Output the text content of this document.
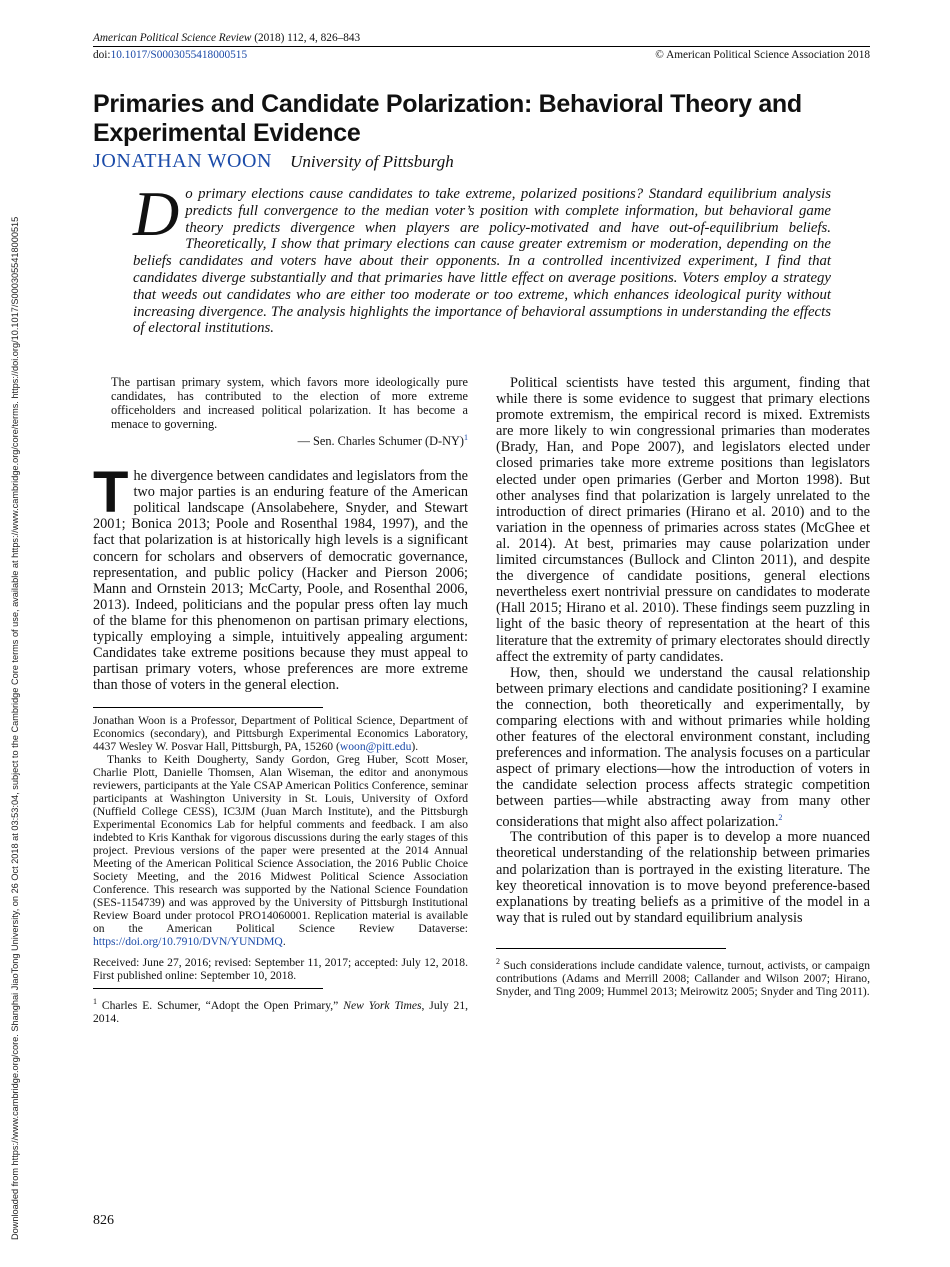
Downloaded from https://www.cambridge.org/core. Shanghai JiaoTong University, on 26 Oct 2018 at 03:53:04, subject to the Cambridge Core terms of use, available at https://www.cambridge.org/core/terms. https://doi.org/10.1017/S0003055418000515
American Political Science Review (2018) 112, 4, 826–843
doi:10.1017/S0003055418000515	© American Political Science Association 2018
Primaries and Candidate Polarization: Behavioral Theory and Experimental Evidence
JONATHAN WOON University of Pittsburgh
Do primary elections cause candidates to take extreme, polarized positions? Standard equilibrium analysis predicts full convergence to the median voter’s position with complete information, but behavioral game theory predicts divergence when players are policy-motivated and have out-of-equilibrium beliefs. Theoretically, I show that primary elections can cause greater extremism or moderation, depending on the beliefs candidates and voters have about their opponents. In a controlled incentivized experiment, I find that candidates diverge substantially and that primaries have little effect on average positions. Voters employ a strategy that weeds out candidates who are either too moderate or too extreme, which enhances ideological purity without increasing divergence. The analysis highlights the importance of behavioral assumptions in understanding the effects of electoral institutions.
The partisan primary system, which favors more ideologically pure candidates, has contributed to the election of more extreme officeholders and increased political polarization. It has become a menace to governing.
— Sen. Charles Schumer $(D-NY)^1$

The divergence between candidates and legislators from the two major parties is an enduring feature of the American political landscape (Ansolabehere, Snyder, and Stewart 2001; Bonica 2013; Poole and Rosenthal 1984, 1997), and the fact that polarization is at historically high levels is a significant concern for scholars and observers of democratic governance, representation, and public policy (Hacker and Pierson 2006; Mann and Ornstein 2013; McCarty, Poole, and Rosenthal 2006, 2013). Indeed, politicians and the popular press often lay much of the blame for this phenomenon on partisan primary elections, typically employing a simple, intuitively appealing argument: Candidates take extreme positions because they must appeal to partisan primary voters, whose preferences are more extreme than those of voters in the general election.

Jonathan Woon is a Professor, Department of Political Science, Department of Economics (secondary), and Pittsburgh Experimental Economics Laboratory, 4437 Wesley W. Posvar Hall, Pittsburgh, PA, 15260 (woon@pitt.edu).

Thanks to Keith Dougherty, Sandy Gordon, Greg Huber, Scott Moser, Charlie Plott, Danielle Thomsen, Alan Wiseman, the editor and anonymous reviewers, participants at the Yale CSAP American Politics Conference, seminar participants at Washington University in St. Louis, University of Oxford (Nuffield College CESS), IC3JM (Juan March Institute), and the Pittsburgh Experimental Economics Lab for helpful comments and feedback. I am also indebted to Kris Kanthak for vigorous discussions during the early stages of this project. Previous versions of the paper were presented at the 2014 Annual Meeting of the American Political Science Association, the 2016 Public Choice Society Meeting, and the 2016 Midwest Political Science Association Conference. This research was supported by the National Science Foundation (SES-1154739) and was approved by the University of Pittsburgh Institutional Review Board under protocol PRO14060001. Replication material is available on the American Political Science Review Dataverse: https://doi.org/10.7910/DVN/YUNDMQ.

Received: June 27, 2016; revised: September 11, 2017; accepted: July 12, 2018. First published online: September 10, 2018.

$^1$ Charles E. Schumer, “Adopt the Open Primary,” New York Times, July 21, 2014.

Political scientists have tested this argument, finding that while there is some evidence to suggest that primary elections promote extremism, the empirical record is mixed. Extremists are more likely to win congressional primaries than moderates (Brady, Han, and Pope 2007), and legislators elected under closed primaries take more extreme positions than legislators elected under open primaries (Gerber and Morton 1998). But other analyses find that polarization is largely unrelated to the introduction of direct primaries (Hirano et al. 2010) and to the variation in the openness of primaries across states (McGhee et al. 2014). At best, primaries may cause polarization under limited circumstances (Bullock and Clinton 2011), and despite the divergence of candidate positions, general elections nevertheless exert nontrivial pressure on candidates to moderate (Hall 2015; Hirano et al. 2010). These findings seem puzzling in light of the basic theory of representation at the heart of this literature that the extremity of primary electorates should directly affect the extremity of party candidates.

How, then, should we understand the causal relationship between primary elections and candidate positioning? I examine the connection, both theoretically and experimentally, by comparing elections with and without primaries while holding other features of the electoral environment constant, including preferences and information. The analysis focuses on a particular aspect of primary elections—how the introduction of voters in the candidate selection process affects strategic competition between parties—while abstracting away from many other considerations that might also affect polarization.$^2$

The contribution of this paper is to develop a more nuanced theoretical understanding of the relationship between primaries and polarization than is portrayed in the existing literature. The key theoretical innovation is to move beyond preference-based explanations by treating beliefs as a primitive of the model in a way that is ruled out by standard equilibrium analysis

$^2$ Such considerations include candidate valence, turnout, activists, or campaign contributions (Adams and Merrill 2008; Callander and Wilson 2007; Hirano, Snyder, and Ting 2009; Hummel 2013; Meirowitz 2005; Snyder and Ting 2011).

826
